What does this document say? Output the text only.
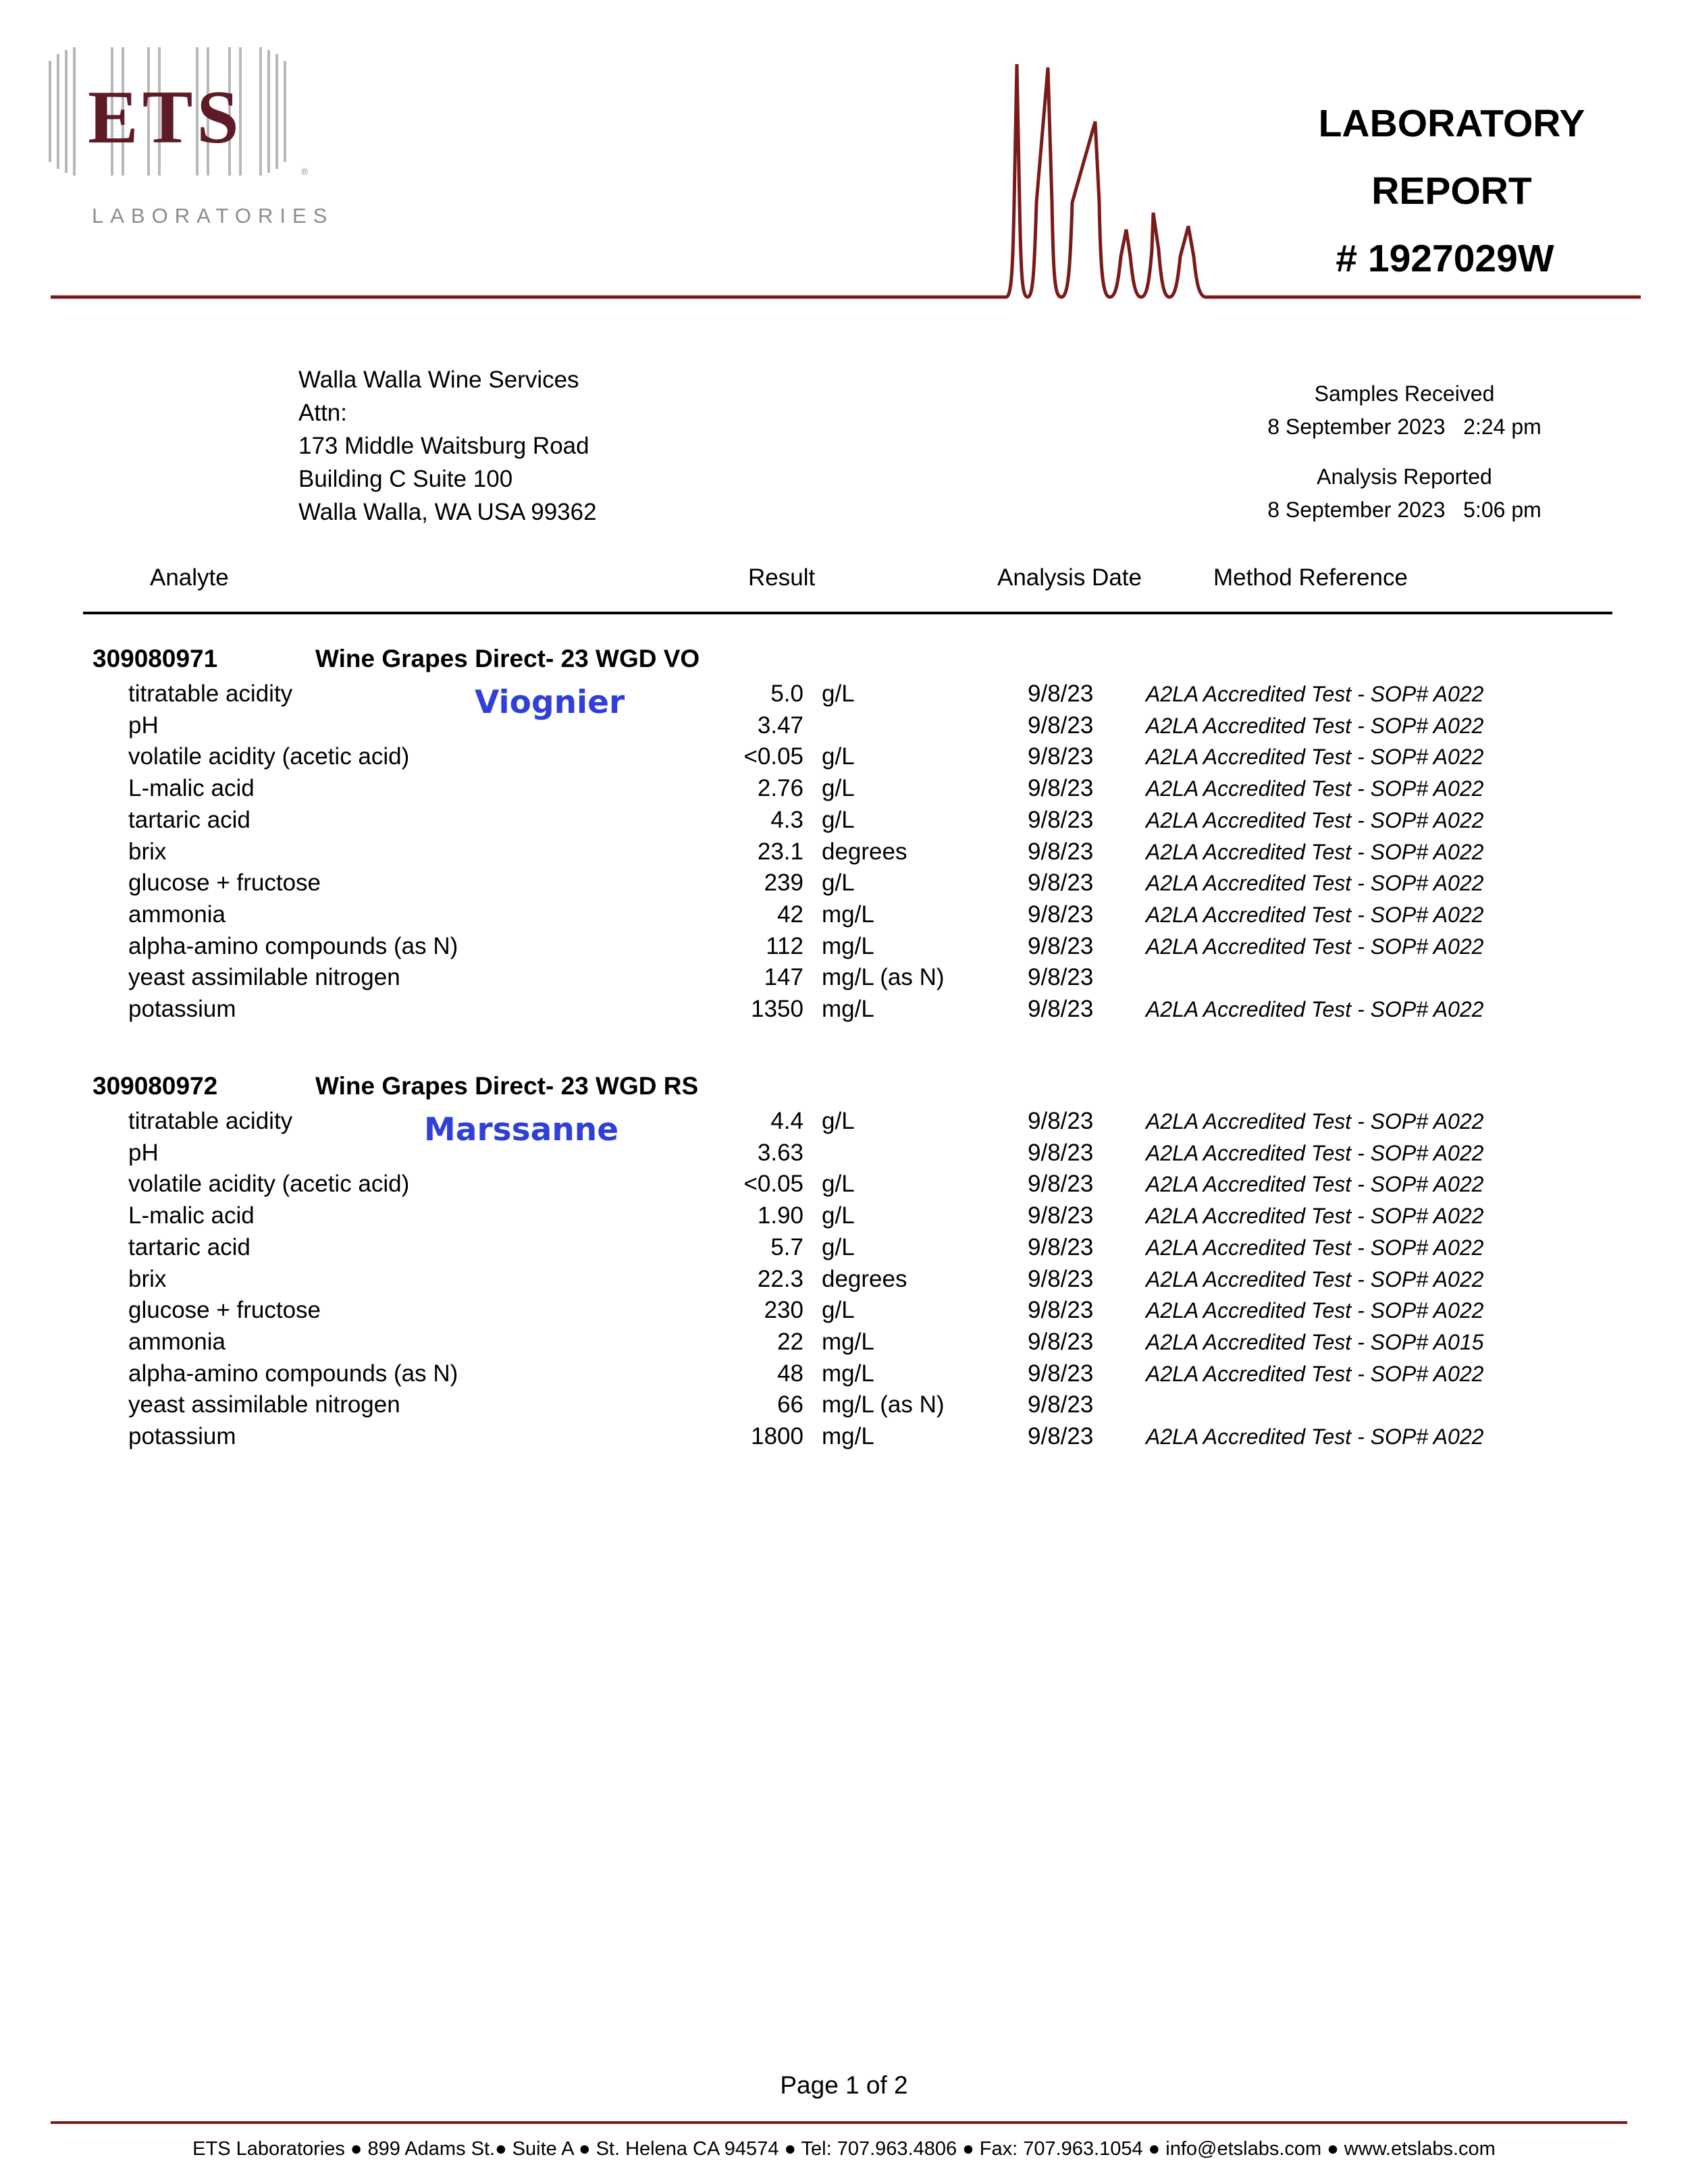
ETS
®
LABORATORIES
LABORATORY
REPORT
# 1927029W
Walla Walla Wine Services
Attn:
173 Middle Waitsburg Road
Building C Suite 100
Walla Walla, WA USA 99362
Samples Received
8 September 2023   2:24 pm
Analysis Reported
8 September 2023   5:06 pm
Analyte	Result	Analysis Date	Method Reference
309080971	Wine Grapes Direct- 23 WGD VO
Viognier
titratable acidity	5.0 g/L	9/8/23 A2LA Accredited Test - SOP# A022
pH	3.47	9/8/23 A2LA Accredited Test - SOP# A022
volatile acidity (acetic acid)	<0.05 g/L	9/8/23 A2LA Accredited Test - SOP# A022
L-malic acid	2.76 g/L	9/8/23 A2LA Accredited Test - SOP# A022
tartaric acid	4.3 g/L	9/8/23 A2LA Accredited Test - SOP# A022
brix	23.1 degrees	9/8/23 A2LA Accredited Test - SOP# A022
glucose + fructose	239 g/L	9/8/23 A2LA Accredited Test - SOP# A022
ammonia	42 mg/L	9/8/23 A2LA Accredited Test - SOP# A022
alpha-amino compounds (as N)	112 mg/L	9/8/23 A2LA Accredited Test - SOP# A022
yeast assimilable nitrogen	147 mg/L (as N)	9/8/23
potassium	1350 mg/L	9/8/23 A2LA Accredited Test - SOP# A022
309080972	Wine Grapes Direct- 23 WGD RS
Marssanne
titratable acidity	4.4 g/L	9/8/23 A2LA Accredited Test - SOP# A022
pH	3.63	9/8/23 A2LA Accredited Test - SOP# A022
volatile acidity (acetic acid)	<0.05 g/L	9/8/23 A2LA Accredited Test - SOP# A022
L-malic acid	1.90 g/L	9/8/23 A2LA Accredited Test - SOP# A022
tartaric acid	5.7 g/L	9/8/23 A2LA Accredited Test - SOP# A022
brix	22.3 degrees	9/8/23 A2LA Accredited Test - SOP# A022
glucose + fructose	230 g/L	9/8/23 A2LA Accredited Test - SOP# A022
ammonia	22 mg/L	9/8/23 A2LA Accredited Test - SOP# A015
alpha-amino compounds (as N)	48 mg/L	9/8/23 A2LA Accredited Test - SOP# A022
yeast assimilable nitrogen	66 mg/L (as N)	9/8/23
potassium	1800 mg/L	9/8/23 A2LA Accredited Test - SOP# A022
Page 1 of 2
ETS Laboratories ● 899 Adams St.● Suite A ● St. Helena CA 94574 ● Tel: 707.963.4806 ● Fax: 707.963.1054 ● info@etslabs.com ● www.etslabs.com
